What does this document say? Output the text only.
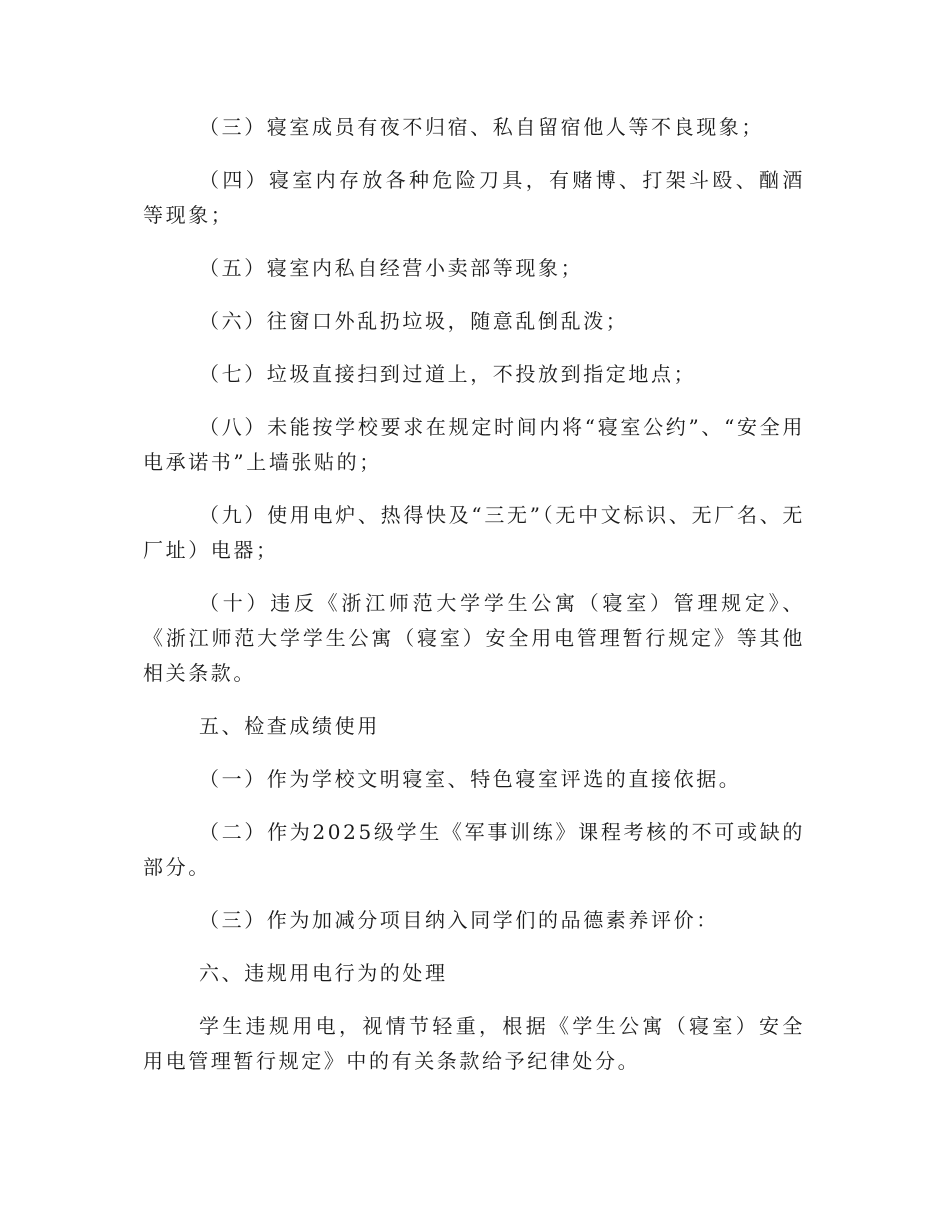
（三）寝室成员有夜不归宿、私自留宿他人等不良现象；

（四）寝室内存放各种危险刀具，有赌博、打架斗殴、酗酒等现象；

（五）寝室内私自经营小卖部等现象；

（六）往窗口外乱扔垃圾，随意乱倒乱泼；

（七）垃圾直接扫到过道上，不投放到指定地点；

（八）未能按学校要求在规定时间内将“寝室公约”、“安全用电承诺书”上墙张贴的；

（九）使用电炉、热得快及“三无”（无中文标识、无厂名、无厂址）电器；

（十）违反《浙江师范大学学生公寓（寝室）管理规定》、《浙江师范大学学生公寓（寝室）安全用电管理暂行规定》等其他相关条款。

五、检查成绩使用

（一）作为学校文明寝室、特色寝室评选的直接依据。

（二）作为2025级学生《军事训练》课程考核的不可或缺的部分。

（三）作为加减分项目纳入同学们的品德素养评价：

六、违规用电行为的处理

学生违规用电，视情节轻重，根据《学生公寓（寝室）安全用电管理暂行规定》中的有关条款给予纪律处分。
